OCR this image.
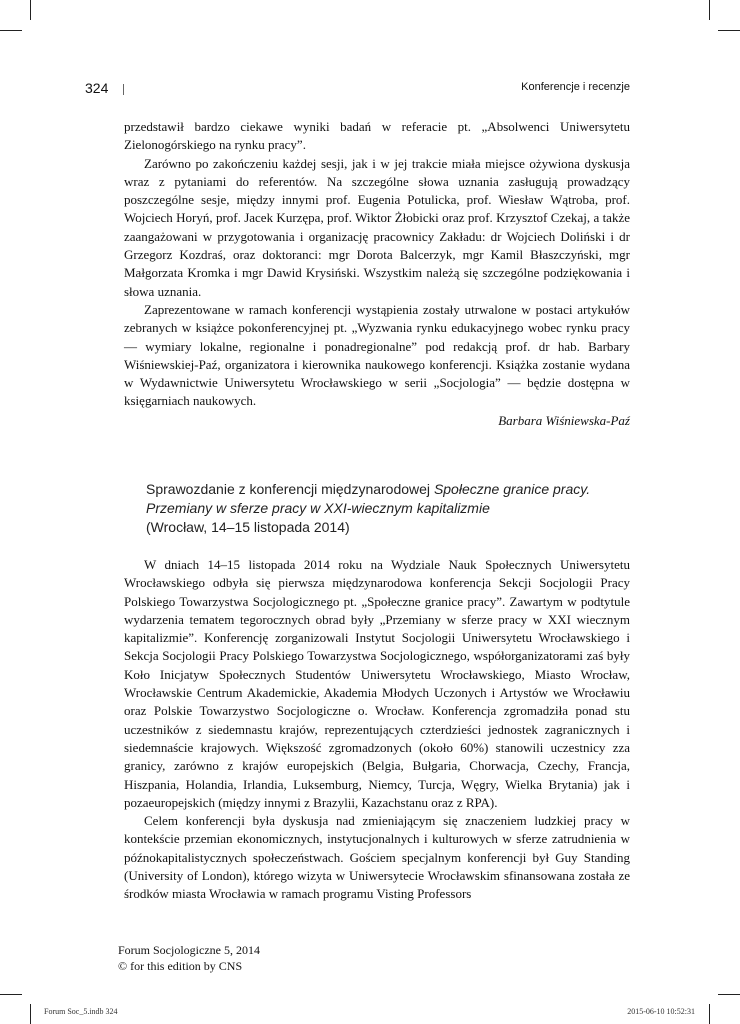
324	Konferencje i recenzje

przedstawił bardzo ciekawe wyniki badań w referacie pt. „Absolwenci Uniwersytetu Zielonogórskiego na rynku pracy”.

Zarówno po zakończeniu każdej sesji, jak i w jej trakcie miała miejsce ożywiona dyskusja wraz z pytaniami do referentów. Na szczególne słowa uznania zasługują prowadzący poszczególne sesje, między innymi prof. Eugenia Potulicka, prof. Wiesław Wątroba, prof. Wojciech Horyń, prof. Jacek Kurzępa, prof. Wiktor Żłobicki oraz prof. Krzysztof Czekaj, a także zaangażowani w przygotowania i organizację pracownicy Zakładu: dr Wojciech Doliński i dr Grzegorz Kozdraś, oraz doktoranci: mgr Dorota Balcerzyk, mgr Kamil Błaszczyński, mgr Małgorzata Kromka i mgr Dawid Krysiński. Wszystkim należą się szczególne podziękowania i słowa uznania.

Zaprezentowane w ramach konferencji wystąpienia zostały utrwalone w postaci artykułów zebranych w książce pokonferencyjnej pt. „Wyzwania rynku edukacyjnego wobec rynku pracy — wymiary lokalne, regionalne i ponadregionalne” pod redakcją prof. dr hab. Barbary Wiśniewskiej-Paź, organizatora i kierownika naukowego konferencji. Książka zostanie wydana w Wydawnictwie Uniwersytetu Wrocławskiego w serii „Socjologia” — będzie dostępna w księgarniach naukowych.

Barbara Wiśniewska-Paź
Sprawozdanie z konferencji międzynarodowej Społeczne granice pracy.
Przemiany w sferze pracy w XXI-wiecznym kapitalizmie
(Wrocław, 14–15 listopada 2014)

W dniach 14–15 listopada 2014 roku na Wydziale Nauk Społecznych Uniwersytetu Wrocławskiego odbyła się pierwsza międzynarodowa konferencja Sekcji Socjologii Pracy Polskiego Towarzystwa Socjologicznego pt. „Społeczne granice pracy”. Zawartym w podtytule wydarzenia tematem tegorocznych obrad były „Przemiany w sferze pracy w XXI wiecznym kapitalizmie”. Konferencję zorganizowali Instytut Socjologii Uniwersytetu Wrocławskiego i Sekcja Socjologii Pracy Polskiego Towarzystwa Socjologicznego, współorganizatorami zaś były Koło Inicjatyw Społecznych Studentów Uniwersytetu Wrocławskiego, Miasto Wrocław, Wrocławskie Centrum Akademickie, Akademia Młodych Uczonych i Artystów we Wrocławiu oraz Polskie Towarzystwo Socjologiczne o. Wrocław. Konferencja zgromadziła ponad stu uczestników z siedemnastu krajów, reprezentujących czterdzieści jednostek zagranicznych i siedemnaście krajowych. Większość zgromadzonych (około 60%) stanowili uczestnicy zza granicy, zarówno z krajów europejskich (Belgia, Bułgaria, Chorwacja, Czechy, Francja, Hiszpania, Holandia, Irlandia, Luksemburg, Niemcy, Turcja, Węgry, Wielka Brytania) jak i pozaeuropejskich (między innymi z Brazylii, Kazachstanu oraz z RPA).

Celem konferencji była dyskusja nad zmieniającym się znaczeniem ludzkiej pracy w kontekście przemian ekonomicznych, instytucjonalnych i kulturowych w sferze zatrudnienia w późnokapitalistycznych społeczeństwach. Gościem specjalnym konferencji był Guy Standing (University of London), którego wizyta w Uniwersytecie Wrocławskim sfinansowana została ze środków miasta Wrocławia w ramach programu Visting Professors

Forum Socjologiczne 5, 2014
© for this edition by CNS
Forum Soc_5.indb 324	2015-06-10 10:52:31
